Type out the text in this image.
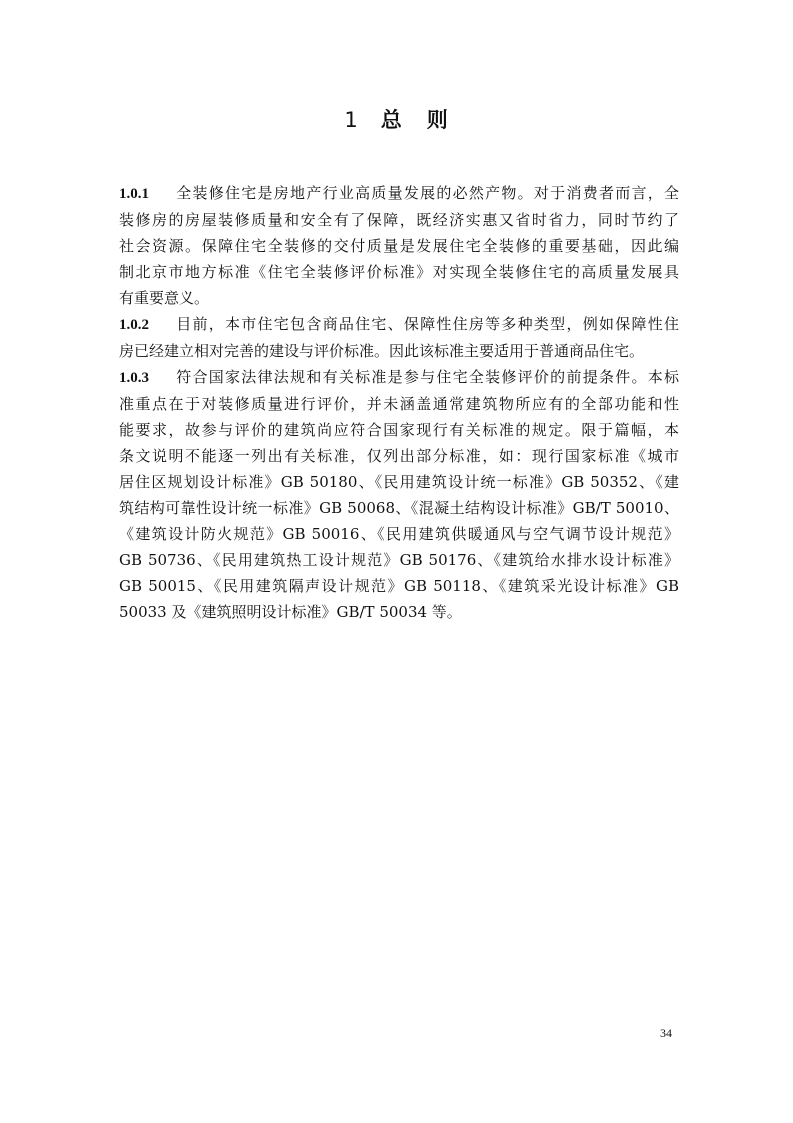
1 总 则

1.0.1 全装修住宅是房地产行业高质量发展的必然产物。对于消费者而言，全
装修房的房屋装修质量和安全有了保障，既经济实惠又省时省力，同时节约了
社会资源。保障住宅全装修的交付质量是发展住宅全装修的重要基础，因此编
制北京市地方标准《住宅全装修评价标准》对实现全装修住宅的高质量发展具
有重要意义。

1.0.2 目前，本市住宅包含商品住宅、保障性住房等多种类型，例如保障性住
房已经建立相对完善的建设与评价标准。因此该标准主要适用于普通商品住宅。

1.0.3 符合国家法律法规和有关标准是参与住宅全装修评价的前提条件。本标
准重点在于对装修质量进行评价，并未涵盖通常建筑物所应有的全部功能和性
能要求，故参与评价的建筑尚应符合国家现行有关标准的规定。限于篇幅，本
条文说明不能逐一列出有关标准，仅列出部分标准，如：现行国家标准《城市
居住区规划设计标准》GB 50180、《民用建筑设计统一标准》GB 50352、《建
筑结构可靠性设计统一标准》GB 50068、《混凝土结构设计标准》GB/T 50010、
《建筑设计防火规范》GB 50016、《民用建筑供暖通风与空气调节设计规范》
GB 50736、《民用建筑热工设计规范》GB 50176、《建筑给水排水设计标准》
GB 50015、《民用建筑隔声设计规范》GB 50118、《建筑采光设计标准》GB
50033 及《建筑照明设计标准》GB/T 50034 等。

34
